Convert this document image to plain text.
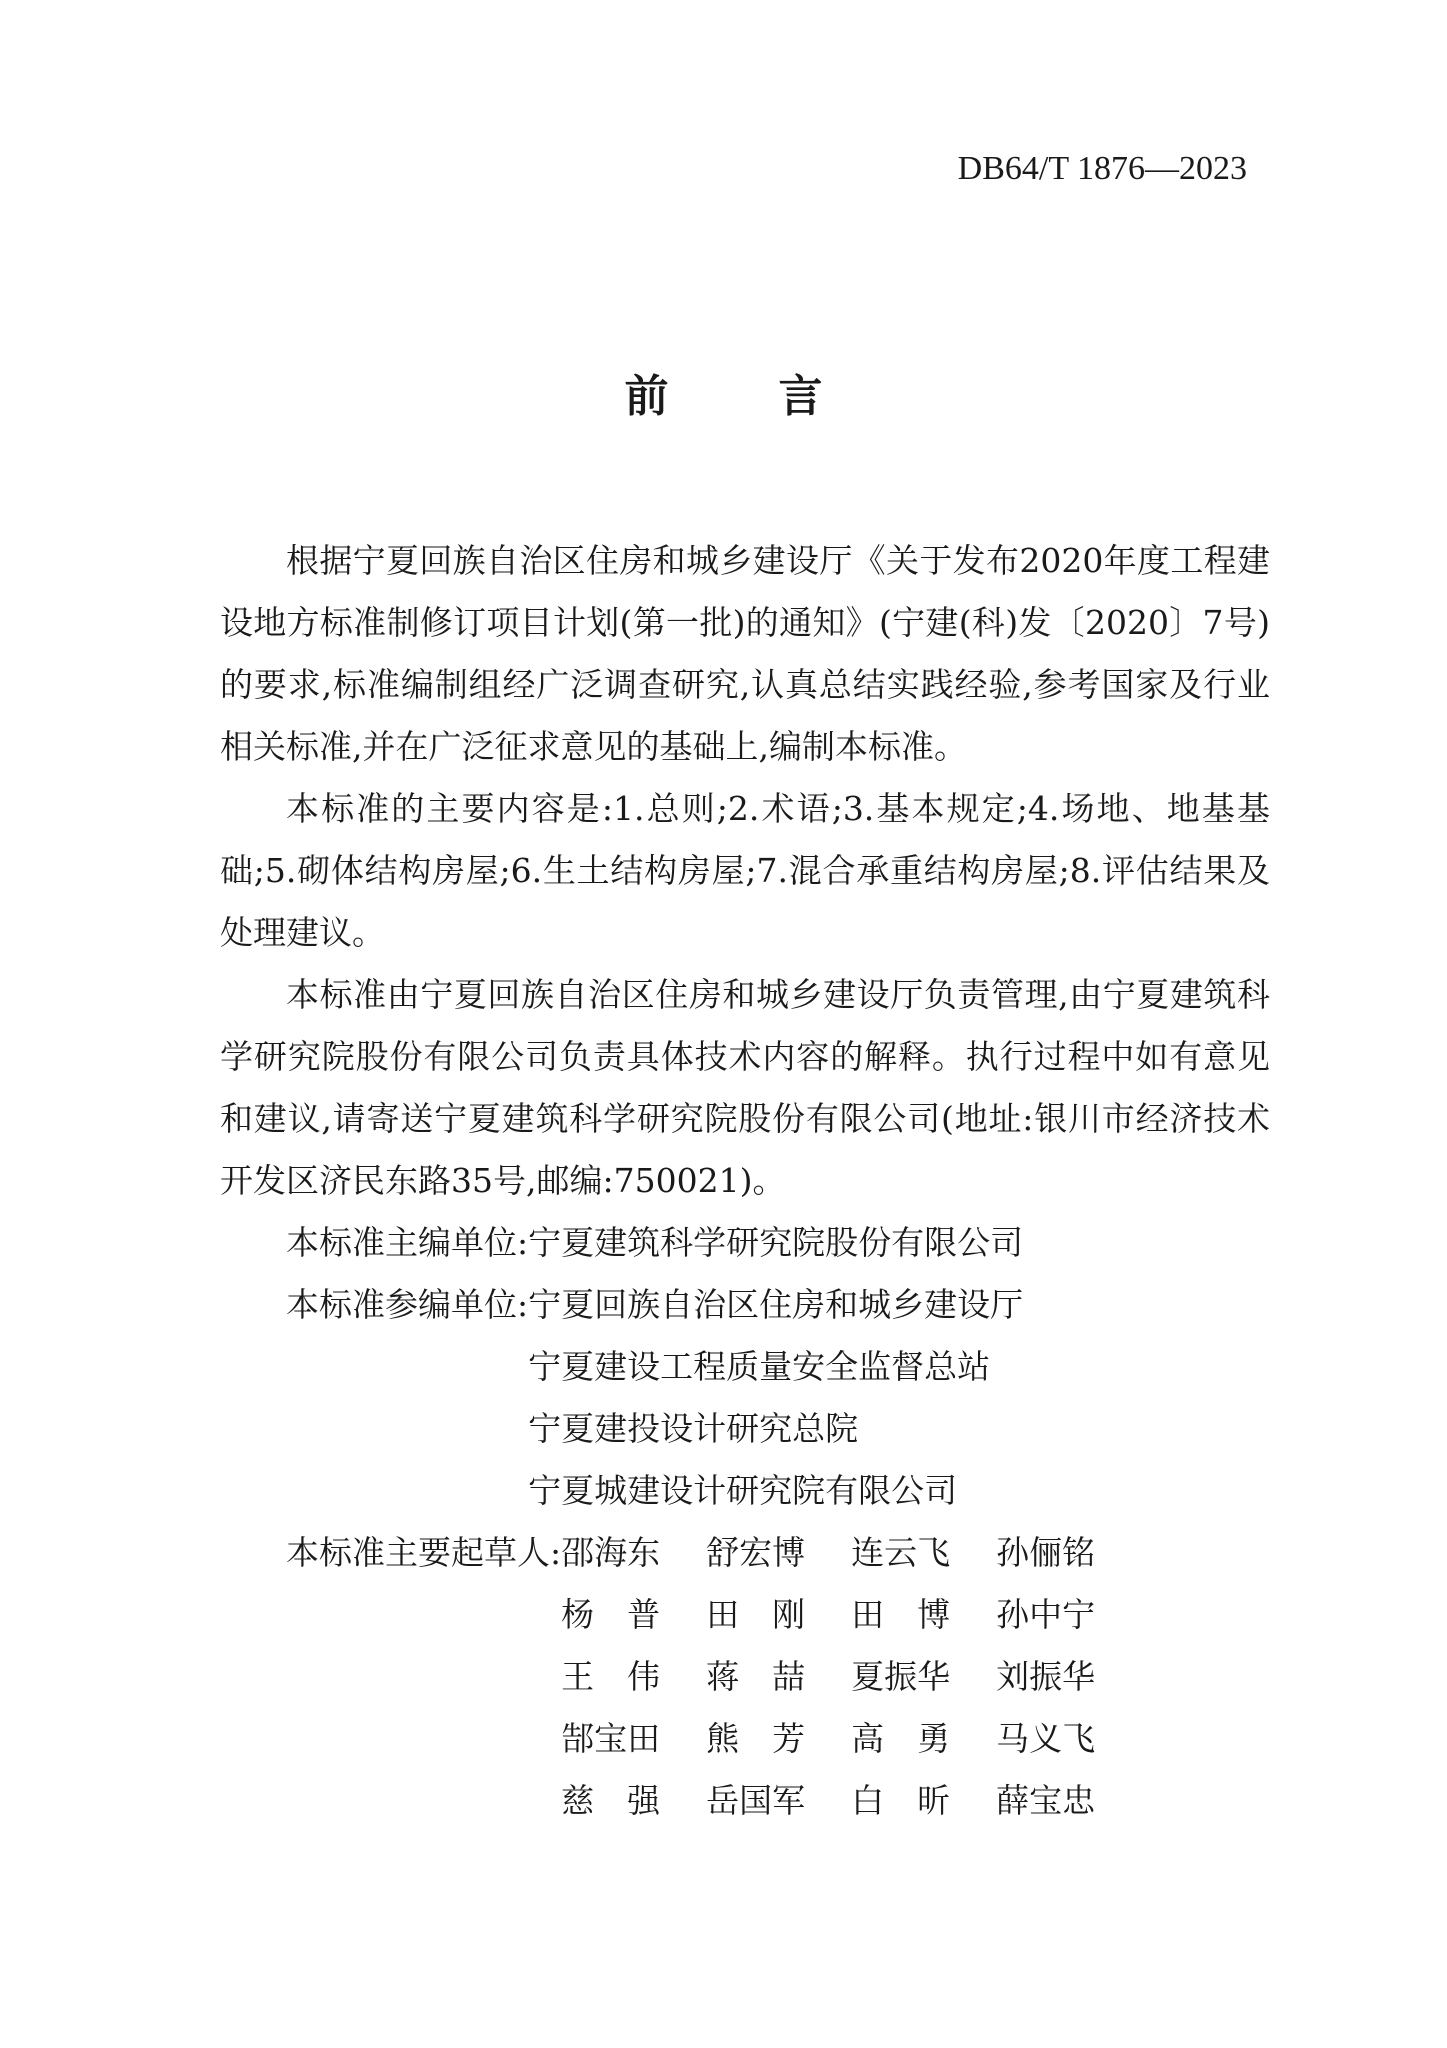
DB64/T 1876—2023
前	言

根据宁夏回族自治区住房和城乡建设厅《关于发布2020年度工程建设地方标准制修订项目计划(第一批)的通知》(宁建(科)发〔2020〕7号)的要求,标准编制组经广泛调查研究,认真总结实践经验,参考国家及行业相关标准,并在广泛征求意见的基础上,编制本标准。

本标准的主要内容是:1.总则;2.术语;3.基本规定;4.场地、地基基础;5.砌体结构房屋;6.生土结构房屋;7.混合承重结构房屋;8.评估结果及处理建议。

本标准由宁夏回族自治区住房和城乡建设厅负责管理,由宁夏建筑科学研究院股份有限公司负责具体技术内容的解释。执行过程中如有意见和建议,请寄送宁夏建筑科学研究院股份有限公司(地址:银川市经济技术开发区济民东路35号,邮编:750021)。

本标准主编单位: 宁夏建筑科学研究院股份有限公司
本标准参编单位: 宁夏回族自治区住房和城乡建设厅
宁夏建设工程质量安全监督总站
宁夏建投设计研究总院
宁夏城建设计研究院有限公司
本标准主要起草人: 邵海东	舒宏博	连云飞	孙俪铭
杨　普	田　刚	田　博	孙中宁
王　伟	蒋　喆	夏振华	刘振华
郜宝田	熊　芳	高　勇	马义飞
慈　强	岳国军	白　昕	薛宝忠
